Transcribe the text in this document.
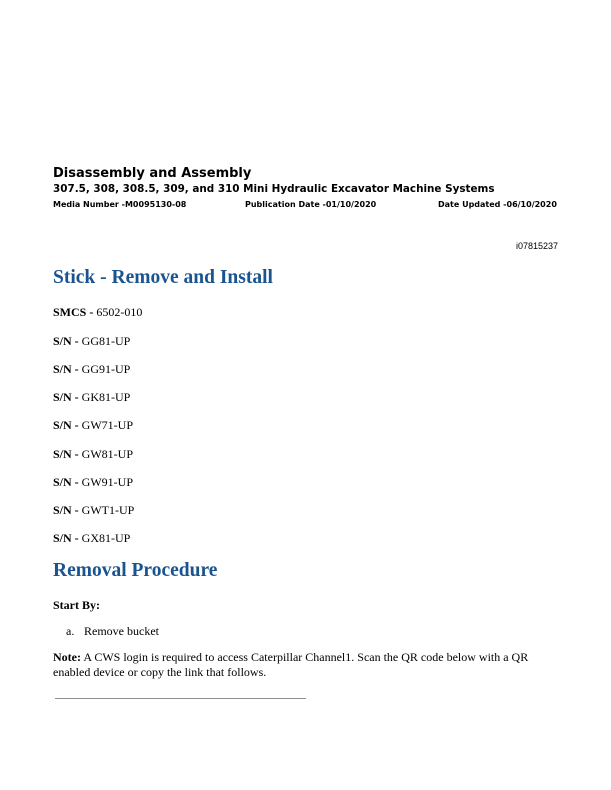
Disassembly and Assembly
307.5, 308, 308.5, 309, and 310 Mini Hydraulic Excavator Machine Systems
Media Number -M0095130-08	Publication Date -01/10/2020	Date Updated -06/10/2020
i07815237
Stick - Remove and Install
SMCS - 6502-010
S/N - GG81-UP
S/N - GG91-UP
S/N - GK81-UP
S/N - GW71-UP
S/N - GW81-UP
S/N - GW91-UP
S/N - GWT1-UP
S/N - GX81-UP
Removal Procedure
Start By:
a. Remove bucket
Note: A CWS login is required to access Caterpillar Channel1. Scan the QR code below with a QR enabled device or copy the link that follows.
